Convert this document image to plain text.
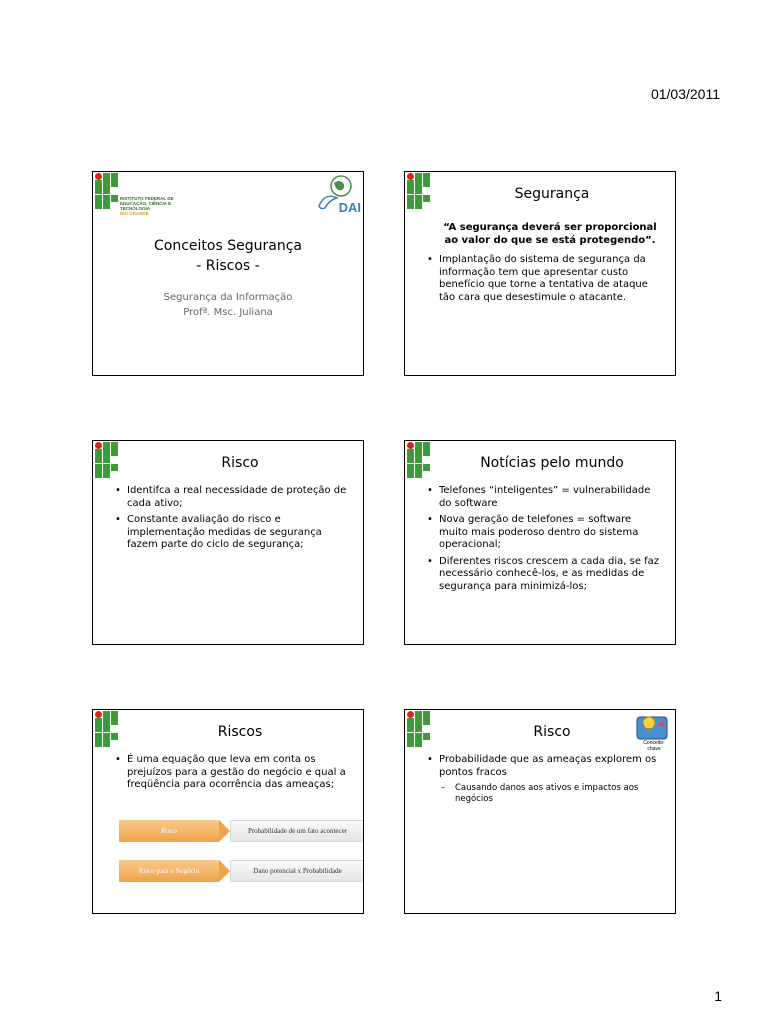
01/03/2011
INSTITUTO FEDERAL DE
EDUCAÇÃO, CIÊNCIA E TECNOLOGIA
RIO GRANDE	DAI
Conceitos Segurança
- Riscos -
Segurança da Informação
Profª. Msc. Juliana
Segurança
“A segurança deverá ser proporcional ao valor do que se está protegendo”.
• Implantação do sistema de segurança da informação tem que apresentar custo benefício que torne a tentativa de ataque tão cara que desestimule o atacante.
Risco
• Identifca a real necessidade de proteção de cada ativo;
• Constante avaliação do risco e implementação medidas de segurança fazem parte do ciclo de segurança;
Notícias pelo mundo
• Telefones “inteligentes” = vulnerabilidade do software
• Nova geração de telefones = software muito mais poderoso dentro do sistema operacional;
• Diferentes riscos crescem a cada dia, se faz necessário conhecê-los, e as medidas de segurança para minimizá-los;
Riscos
• É uma equação que leva em conta os prejuízos para a gestão do negócio e qual a freqüência para ocorrência das ameaças;
Risco	Probabilidade de um fato acontecer
Risco para o Negócio	Dano potencial x Probabilidade
Risco
Conceito-
chave
• Probabilidade que as ameaças explorem os pontos fracos
– Causando danos aos ativos e impactos aos negócios
1
